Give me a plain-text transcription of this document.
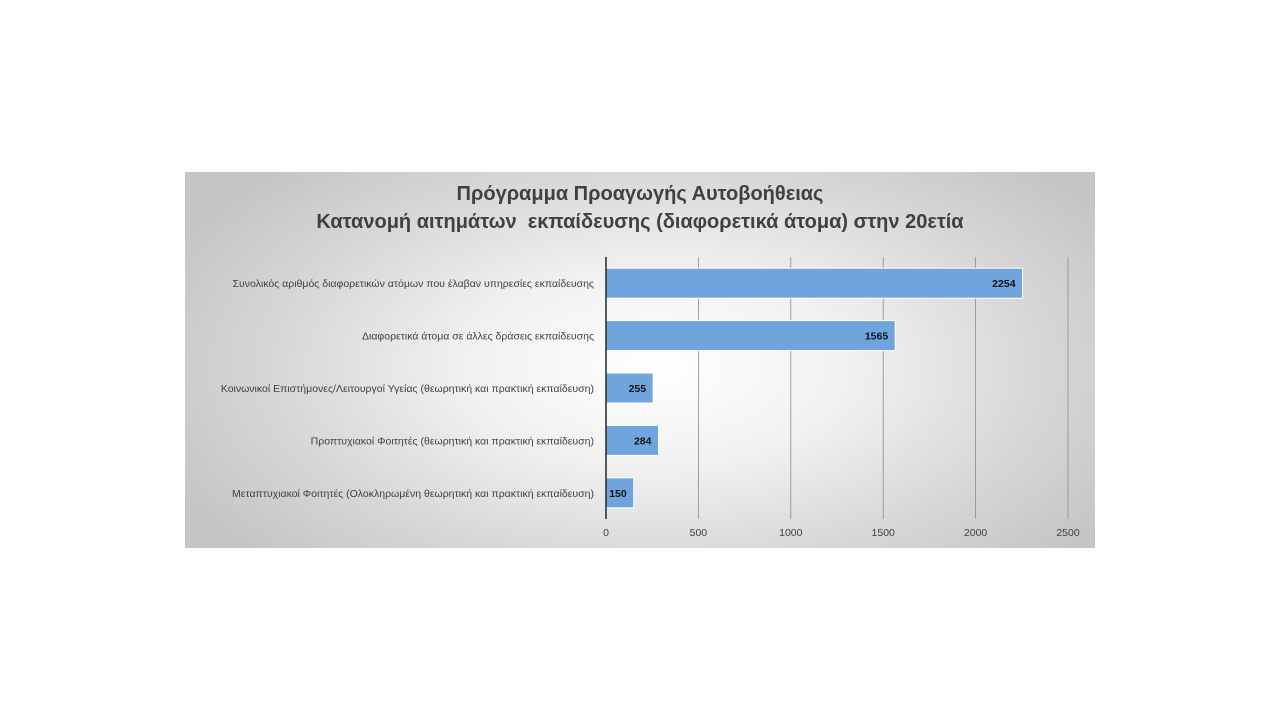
Πρόγραμμα Προαγωγής Αυτοβοήθειας
Κατανομή αιτημάτων  εκπαίδευσης (διαφορετικά άτομα) στην 20ετία
0	500	1000	1500	2000	2500
Συνολικός αριθμός διαφορετικών ατόμων που έλαβαν υπηρεσίες εκπαίδευσης	2254
Διαφορετικά άτομα σε άλλες δράσεις εκπαίδευσης	1565
Κοινωνικοί Επιστήμονες/Λειτουργοί Υγείας (θεωρητική και πρακτική εκπαίδευση)	255
Προπτυχιακοί Φοιτητές (θεωρητική και πρακτική εκπαίδευση)	284
Μεταπτυχιακοί Φοιτητές (Ολοκληρωμένη θεωρητική και πρακτική εκπαίδευση) 150
